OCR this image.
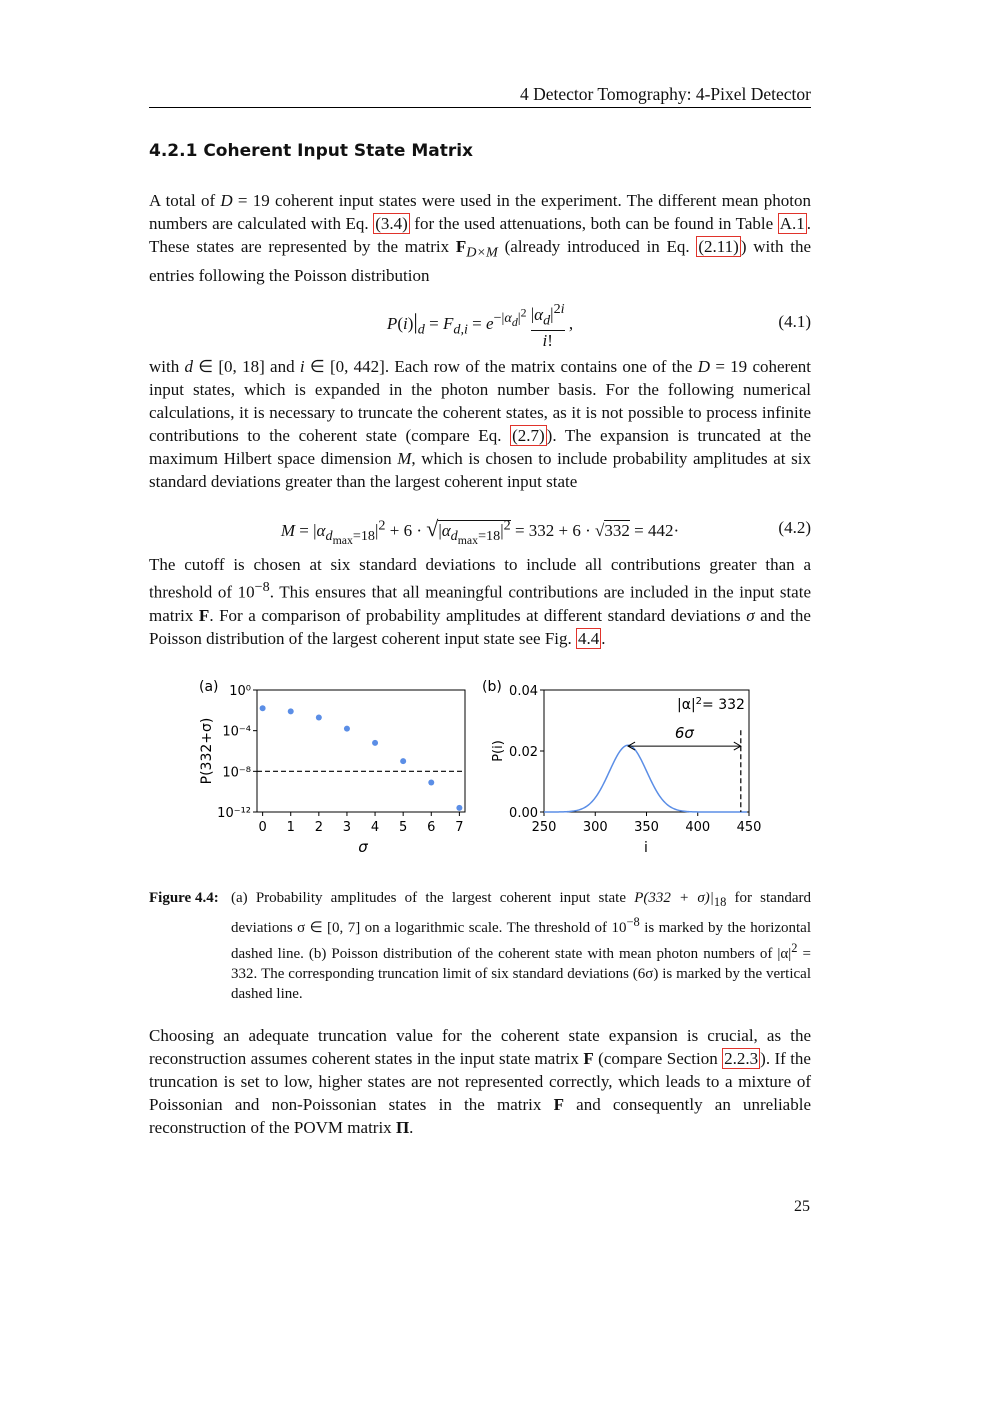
4 Detector Tomography: 4-Pixel Detector
4.2.1 Coherent Input State Matrix
A total of D = 19 coherent input states were used in the experiment. The different mean photon numbers are calculated with Eq. (3.4) for the used attenuations, both can be found in Table A.1 . These states are represented by the matrix $F_{D\times M}$ (already introduced in Eq. (2.11) ) with the entries following the Poisson distribution
$P(i)|_d = F_{d,i} = e^{-|\alpha_d|^2} \frac{|\alpha_d|^{2i}}{i!}$ ,	(4.1)
with d ∈ [0, 18] and i ∈ [0, 442]. Each row of the matrix contains one of the D = 19 coherent input states, which is expanded in the photon number basis. For the following numerical calculations, it is necessary to truncate the coherent states, as it is not possible to process infinite contributions to the coherent state (compare Eq. (2.7) ). The expansion is truncated at the maximum Hilbert space dimension M, which is chosen to include probability amplitudes at six standard deviations greater than the largest coherent input state
$M = |\alpha_{d_{max}=18}|^2 + 6 \cdot √|\alpha_{d_{max}=18}|^2 = 332 + 6 \cdot √332 = 442\cdot$	(4.2)
The cutoff is chosen at six standard deviations to include all contributions greater than a threshold of $10^{-8}$. This ensures that all meaningful contributions are included in the input state matrix F. For a comparison of probability amplitudes at different standard deviations σ and the Poisson distribution of the largest coherent input state see Fig. 4.4 .
(a) 10⁰
10⁻⁴
10⁻⁸
10⁻¹²
0 1 2 3 4 5 6 7
σ
P(332+σ)
(b) 0.04
0.02
0.00
250 300 350 400 450
6σ
$|\alpha|^2= 332$
i
P(i)
Figure 4.4: (a) Probability amplitudes of the largest coherent input state $P(332 + \sigma)|_{18}$ for standard deviations σ ∈ [0, 7] on a logarithmic scale. The threshold of $10^{-8}$ is marked by the horizontal dashed line. (b) Poisson distribution of the coherent state with mean photon numbers of $|\alpha|^2 = 332$. The corresponding truncation limit of six standard deviations (6σ) is marked by the vertical dashed line.
Choosing an adequate truncation value for the coherent state expansion is crucial, as the reconstruction assumes coherent states in the input state matrix F (compare Section 2.2.3 ). If the truncation is set to low, higher states are not represented correctly, which leads to a mixture of Poissonian and non-Poissonian states in the matrix F and consequently an unreliable reconstruction of the POVM matrix Π.
25
